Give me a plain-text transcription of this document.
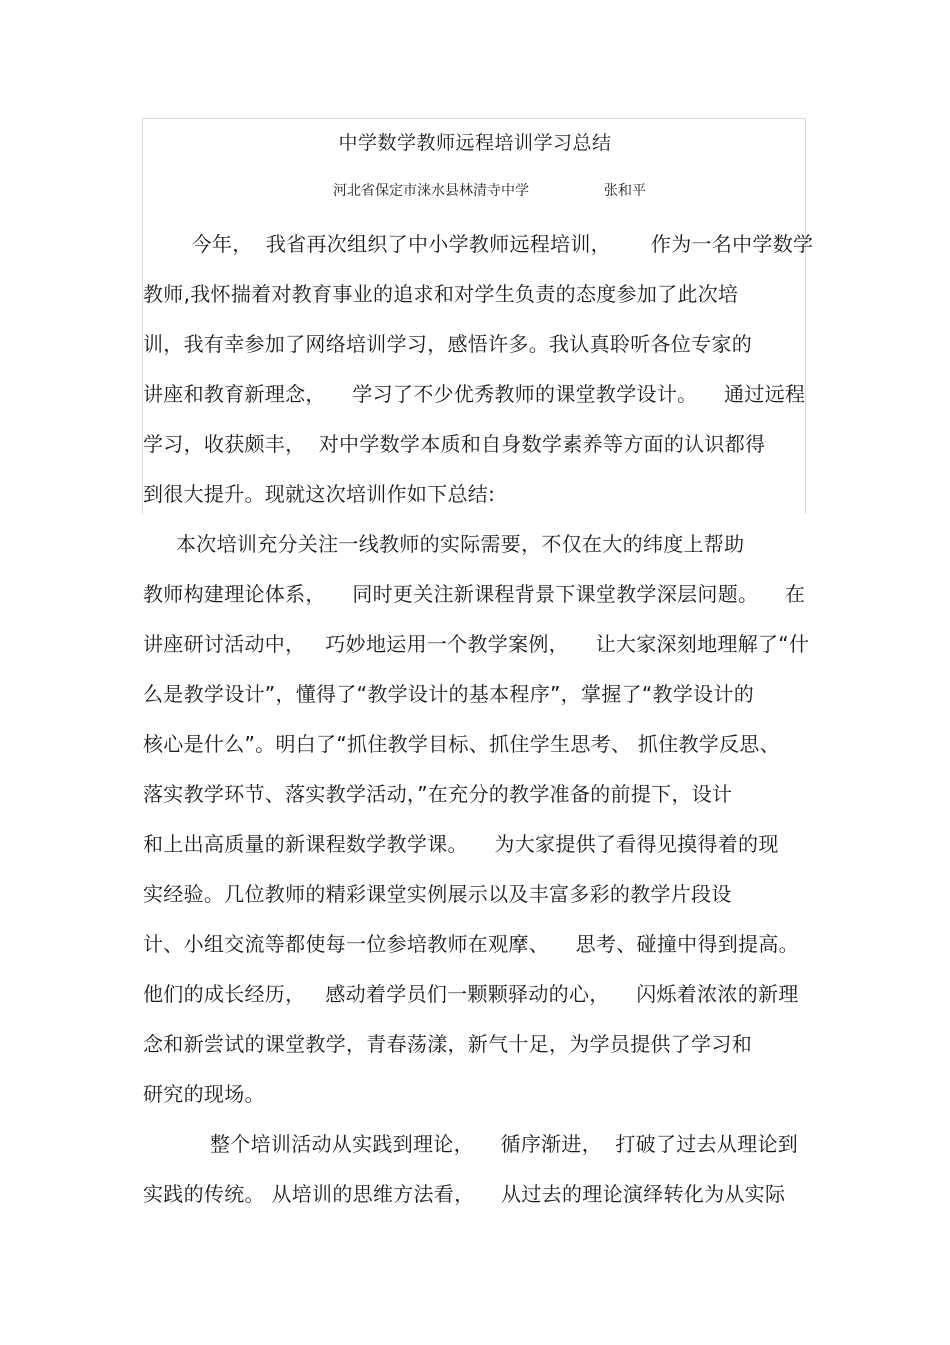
中学数学教师远程培训学习总结
河北省保定市涞水县林清寺中学	张和平
今年，  我省再次组织了中小学教师远程培训，      作为一名中学数学
教师,我怀揣着对教育事业的追求和对学生负责的态度参加了此次培
训，我有幸参加了网络培训学习，感悟许多。我认真聆听各位专家的
讲座和教育新理念，    学习了不少优秀教师的课堂教学设计。    通过远程
学习，收获颇丰，  对中学数学本质和自身数学素养等方面的认识都得
到很大提升。现就这次培训作如下总结:
本次培训充分关注一线教师的实际需要，不仅在大的纬度上帮助
教师构建理论体系，    同时更关注新课程背景下课堂教学深层问题。    在
讲座研讨活动中，   巧妙地运用一个教学案例，    让大家深刻地理解了“什
么是教学设计”，懂得了“教学设计的基本程序”，掌握了“教学设计的
核心是什么”。明白了“抓住教学目标、抓住学生思考、 抓住教学反思、
落实教学环节、落实教学活动，”在充分的教学准备的前提下，设计
和上出高质量的新课程数学教学课。    为大家提供了看得见摸得着的现
实经验。几位教师的精彩课堂实例展示以及丰富多彩的教学片段设
计、小组交流等都使每一位参培教师在观摩、    思考、碰撞中得到提高。
他们的成长经历，   感动着学员们一颗颗驿动的心，    闪烁着浓浓的新理
念和新尝试的课堂教学，青春荡漾，新气十足，为学员提供了学习和
研究的现场。
整个培训活动从实践到理论，    循序渐进，  打破了过去从理论到
实践的传统。 从培训的思维方法看，    从过去的理论演绎转化为从实际
